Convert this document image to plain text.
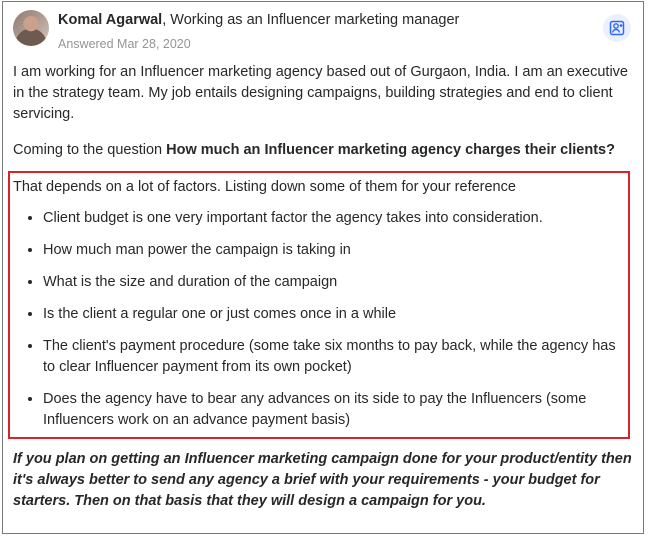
Komal Agarwal, Working as an Influencer marketing manager
Answered Mar 28, 2020

I am working for an Influencer marketing agency based out of Gurgaon, India. I am an executive in the strategy team. My job entails designing campaigns, building strategies and end to client servicing.

Coming to the question How much an Influencer marketing agency charges their clients?

That depends on a lot of factors. Listing down some of them for your reference

• Client budget is one very important factor the agency takes into consideration.
• How much man power the campaign is taking in
• What is the size and duration of the campaign
• Is the client a regular one or just comes once in a while
• The client's payment procedure (some take six months to pay back, while the agency has to clear Influencer payment from its own pocket)
• Does the agency have to bear any advances on its side to pay the Influencers (some Influencers work on an advance payment basis)

If you plan on getting an Influencer marketing campaign done for your product/entity then it's always better to send any agency a brief with your requirements - your budget for starters. Then on that basis that they will design a campaign for you.
